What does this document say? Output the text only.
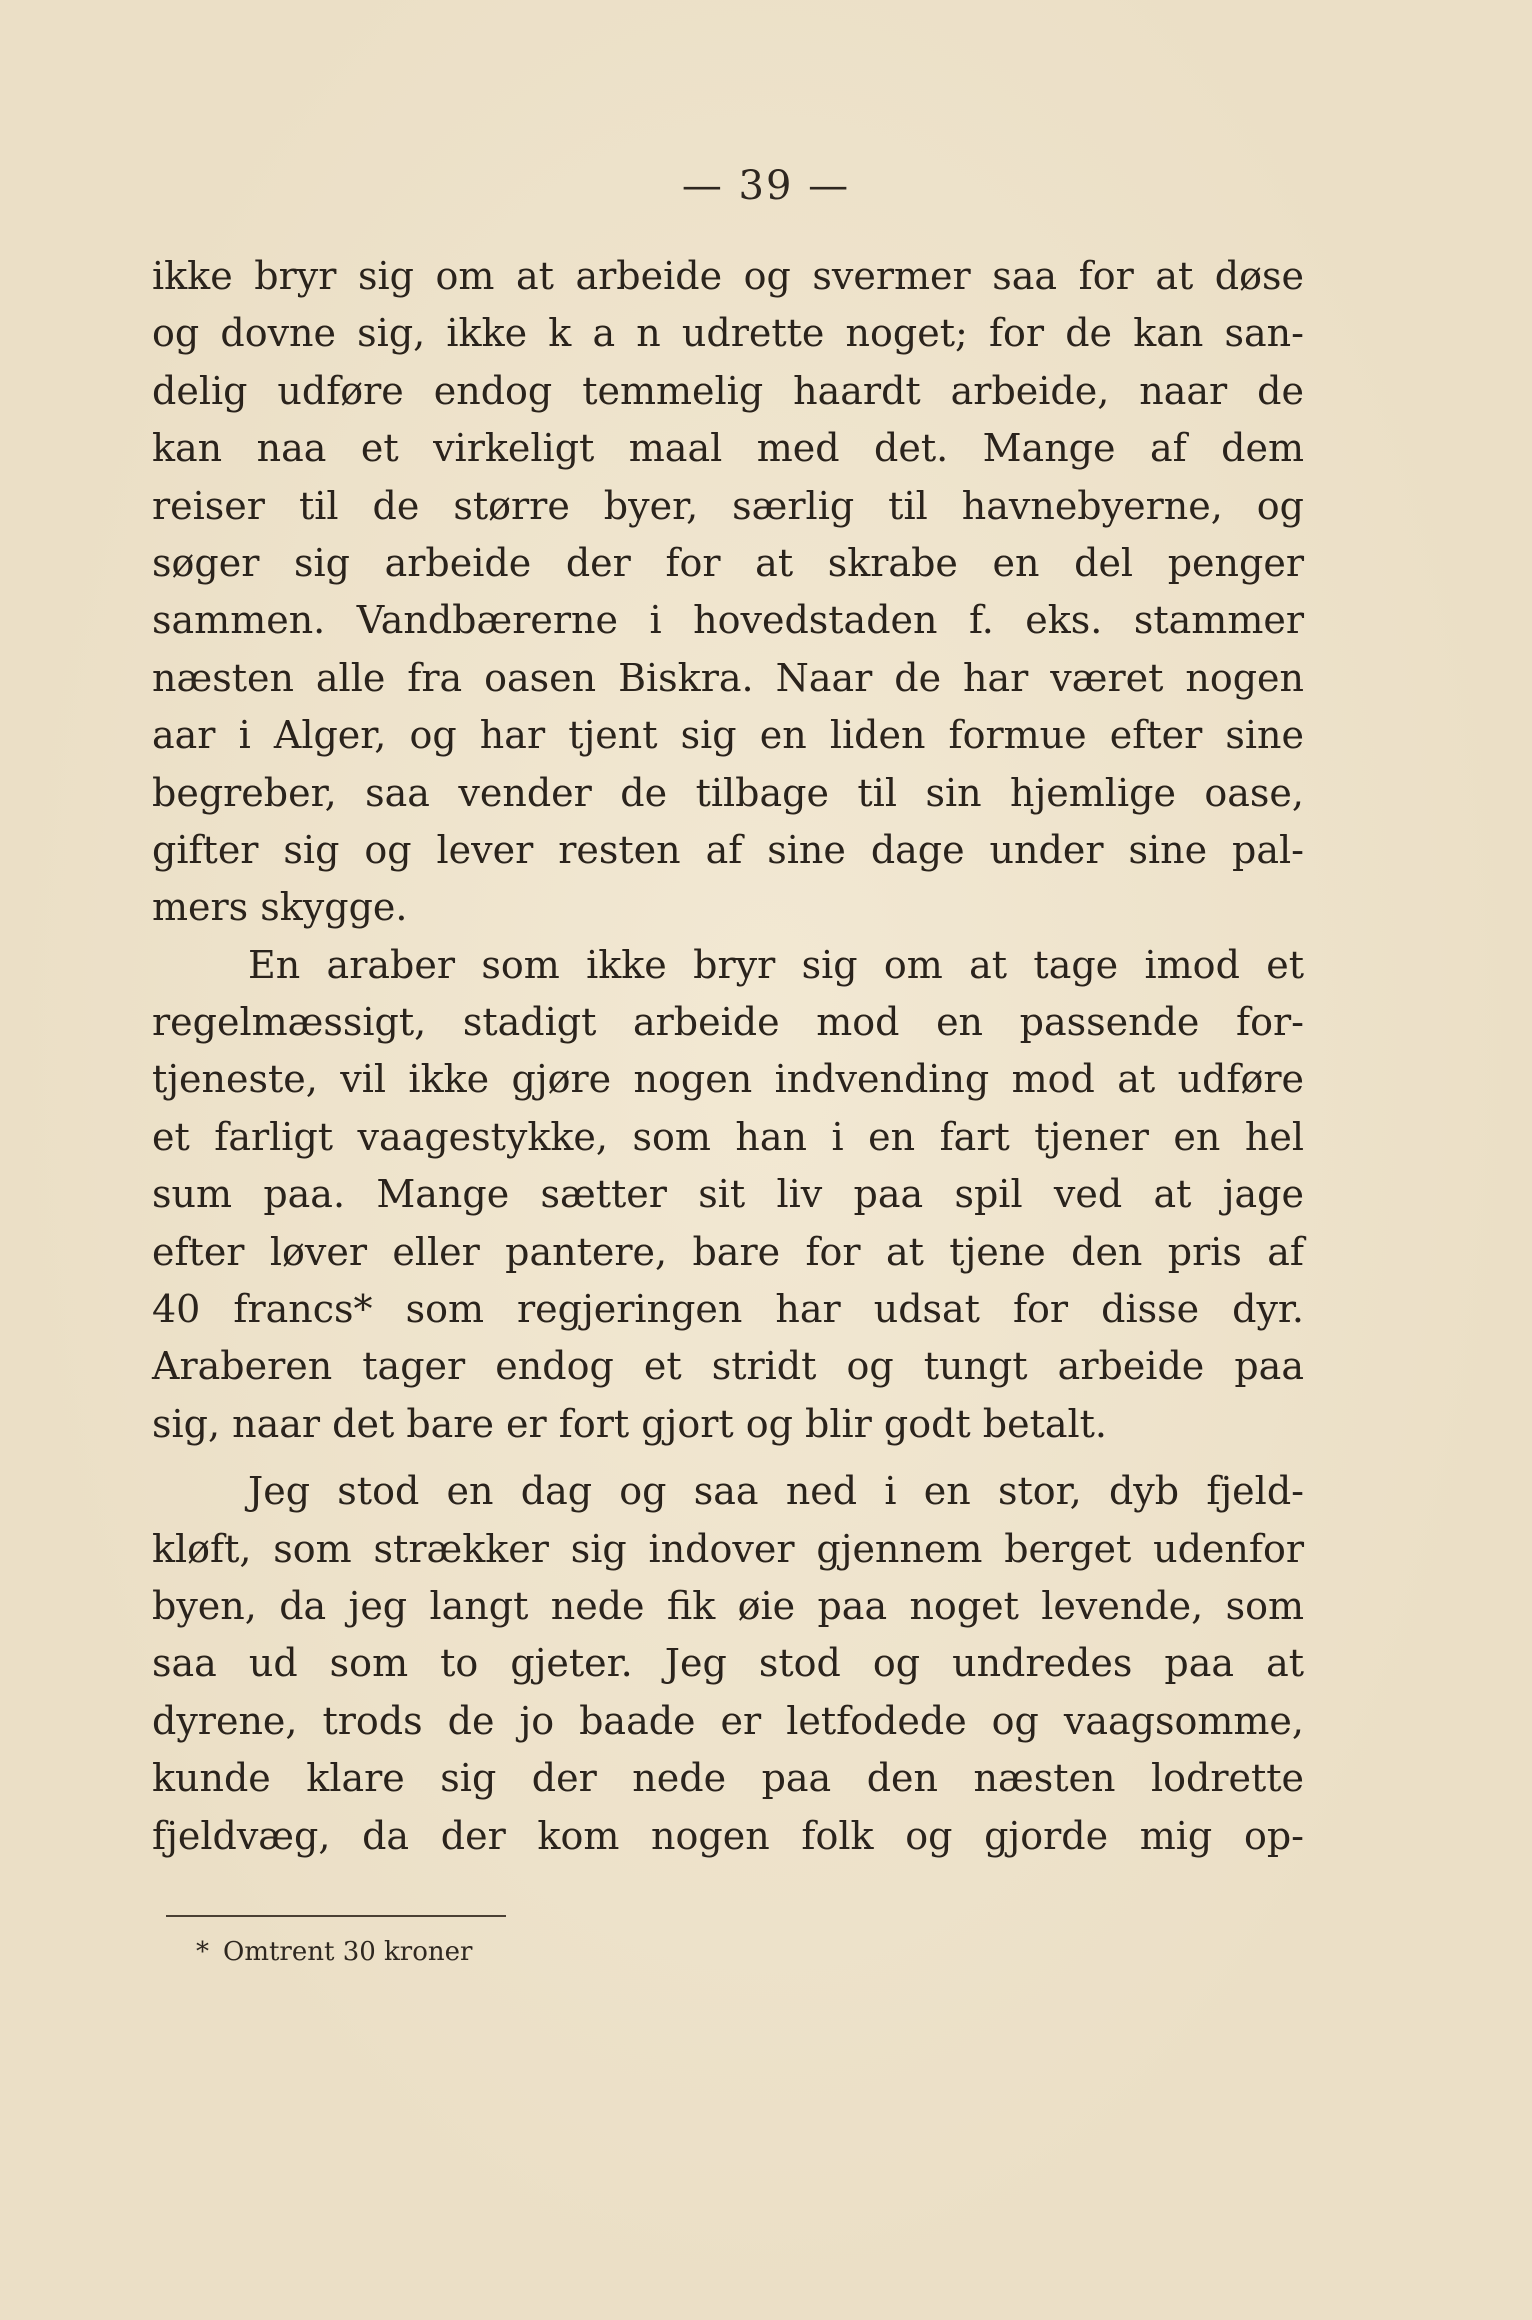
— 39 —
ikke bryr sig om at arbeide og svermer saa for at døse
og dovne sig, ikke k a n udrette noget; for de kan san-
delig udføre endog temmelig haardt arbeide, naar de
kan naa et virkeligt maal med det. Mange af dem
reiser til de større byer, særlig til havnebyerne, og
søger sig arbeide der for at skrabe en del penger
sammen. Vandbærerne i hovedstaden f. eks. stammer
næsten alle fra oasen Biskra. Naar de har været nogen
aar i Alger, og har tjent sig en liden formue efter sine
begreber, saa vender de tilbage til sin hjemlige oase,
gifter sig og lever resten af sine dage under sine pal-
mers skygge.
En araber som ikke bryr sig om at tage imod et
regelmæssigt, stadigt arbeide mod en passende for-
tjeneste, vil ikke gjøre nogen indvending mod at udføre
et farligt vaagestykke, som han i en fart tjener en hel
sum paa. Mange sætter sit liv paa spil ved at jage
efter løver eller pantere, bare for at tjene den pris af
40 francs* som regjeringen har udsat for disse dyr.
Araberen tager endog et stridt og tungt arbeide paa
sig, naar det bare er fort gjort og blir godt betalt.
Jeg stod en dag og saa ned i en stor, dyb fjeld-
kløft, som strækker sig indover gjennem berget udenfor
byen, da jeg langt nede fik øie paa noget levende, som
saa ud som to gjeter. Jeg stod og undredes paa at
dyrene, trods de jo baade er letfodede og vaagsomme,
kunde klare sig der nede paa den næsten lodrette
fjeldvæg, da der kom nogen folk og gjorde mig op-
* Omtrent 30 kroner
